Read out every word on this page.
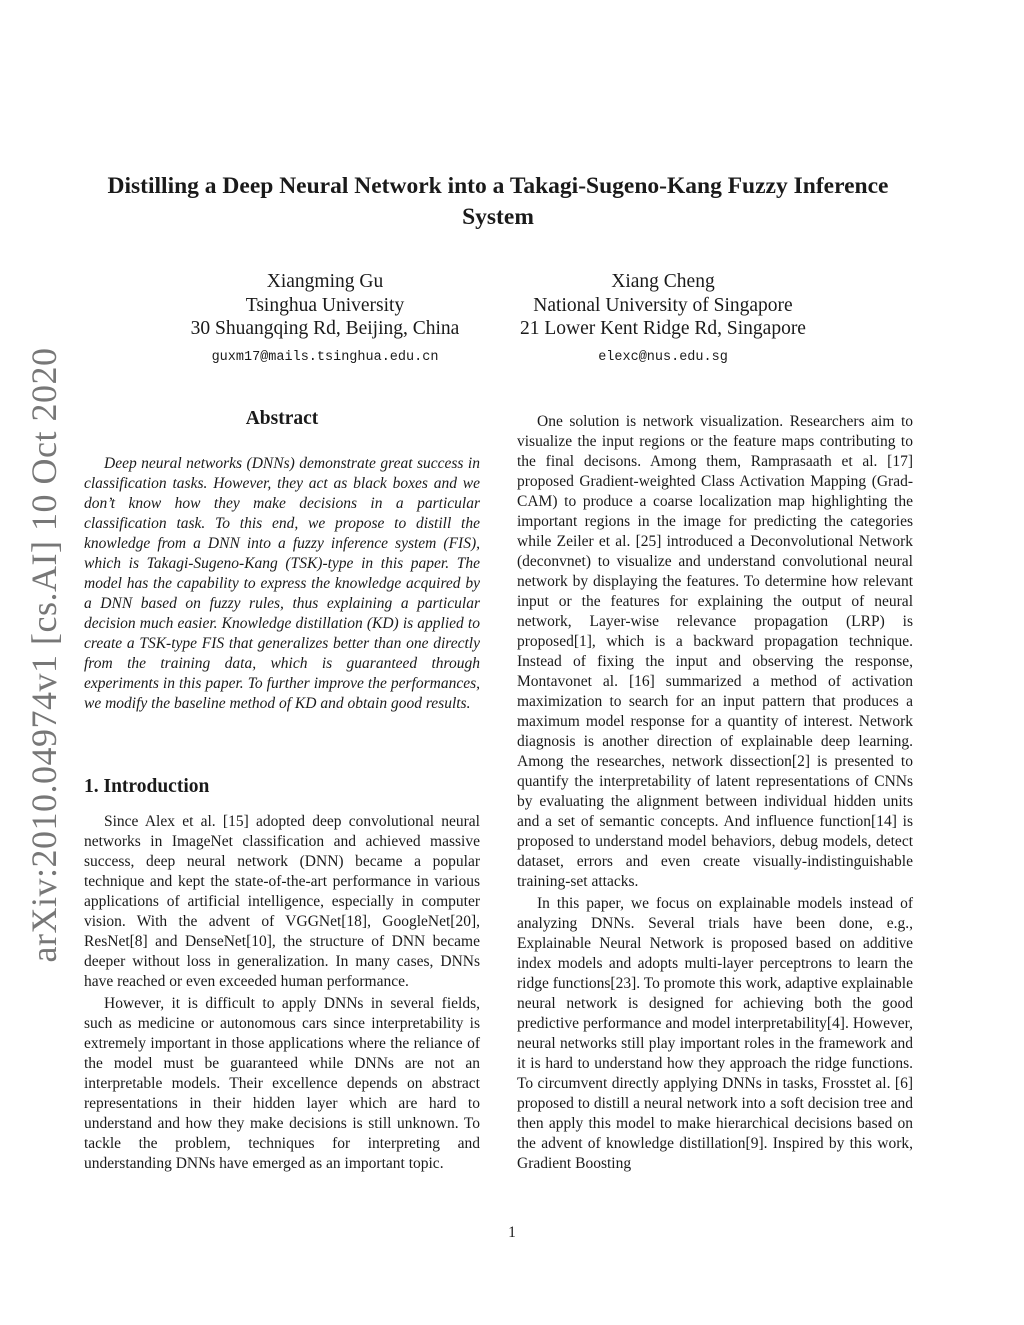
arXiv:2010.04974v1 [cs.AI] 10 Oct 2020
Distilling a Deep Neural Network into a Takagi-Sugeno-Kang Fuzzy Inference System
Xiangming Gu
Tsinghua University
30 Shuangqing Rd, Beijing, China
guxm17@mails.tsinghua.edu.cn
Xiang Cheng
National University of Singapore
21 Lower Kent Ridge Rd, Singapore
elexc@nus.edu.sg
Abstract

Deep neural networks (DNNs) demonstrate great success in classification tasks. However, they act as black boxes and we don’t know how they make decisions in a particular classification task. To this end, we propose to distill the knowledge from a DNN into a fuzzy inference system (FIS), which is Takagi-Sugeno-Kang (TSK)-type in this paper. The model has the capability to express the knowledge acquired by a DNN based on fuzzy rules, thus explaining a particular decision much easier. Knowledge distillation (KD) is applied to create a TSK-type FIS that generalizes better than one directly from the training data, which is guaranteed through experiments in this paper. To further improve the performances, we modify the baseline method of KD and obtain good results.

1. Introduction

Since Alex et al. [15] adopted deep convolutional neural networks in ImageNet classification and achieved massive success, deep neural network (DNN) became a popular technique and kept the state-of-the-art performance in various applications of artificial intelligence, especially in computer vision. With the advent of VGGNet[18], GoogleNet[20], ResNet[8] and DenseNet[10], the structure of DNN became deeper without loss in generalization. In many cases, DNNs have reached or even exceeded human performance.

However, it is difficult to apply DNNs in several fields, such as medicine or autonomous cars since interpretability is extremely important in those applications where the reliance of the model must be guaranteed while DNNs are not an interpretable models. Their excellence depends on abstract representations in their hidden layer which are hard to understand and how they make decisions is still unknown. To tackle the problem, techniques for interpreting and understanding DNNs have emerged as an important topic.

One solution is network visualization. Researchers aim to visualize the input regions or the feature maps contributing to the final decisons. Among them, Ramprasaath et al. [17] proposed Gradient-weighted Class Activation Mapping (Grad-CAM) to produce a coarse localization map highlighting the important regions in the image for predicting the categories while Zeiler et al. [25] introduced a Deconvolutional Network (deconvnet) to visualize and understand convolutional neural network by displaying the features. To determine how relevant input or the features for explaining the output of neural network, Layer-wise relevance propagation (LRP) is proposed[1], which is a backward propagation technique. Instead of fixing the input and observing the response, Montavonet al. [16] summarized a method of activation maximization to search for an input pattern that produces a maximum model response for a quantity of interest. Network diagnosis is another direction of explainable deep learning. Among the researches, network dissection[2] is presented to quantify the interpretability of latent representations of CNNs by evaluating the alignment between individual hidden units and a set of semantic concepts. And influence function[14] is proposed to understand model behaviors, debug models, detect dataset, errors and even create visually-indistinguishable training-set attacks.

In this paper, we focus on explainable models instead of analyzing DNNs. Several trials have been done, e.g., Explainable Neural Network is proposed based on additive index models and adopts multi-layer perceptrons to learn the ridge functions[23]. To promote this work, adaptive explainable neural network is designed for achieving both the good predictive performance and model interpretability[4]. However, neural networks still play important roles in the framework and it is hard to understand how they approach the ridge functions. To circumvent directly applying DNNs in tasks, Frosstet al. [6] proposed to distill a neural network into a soft decision tree and then apply this model to make hierarchical decisions based on the advent of knowledge distillation[9]. Inspired by this work, Gradient Boosting

1
